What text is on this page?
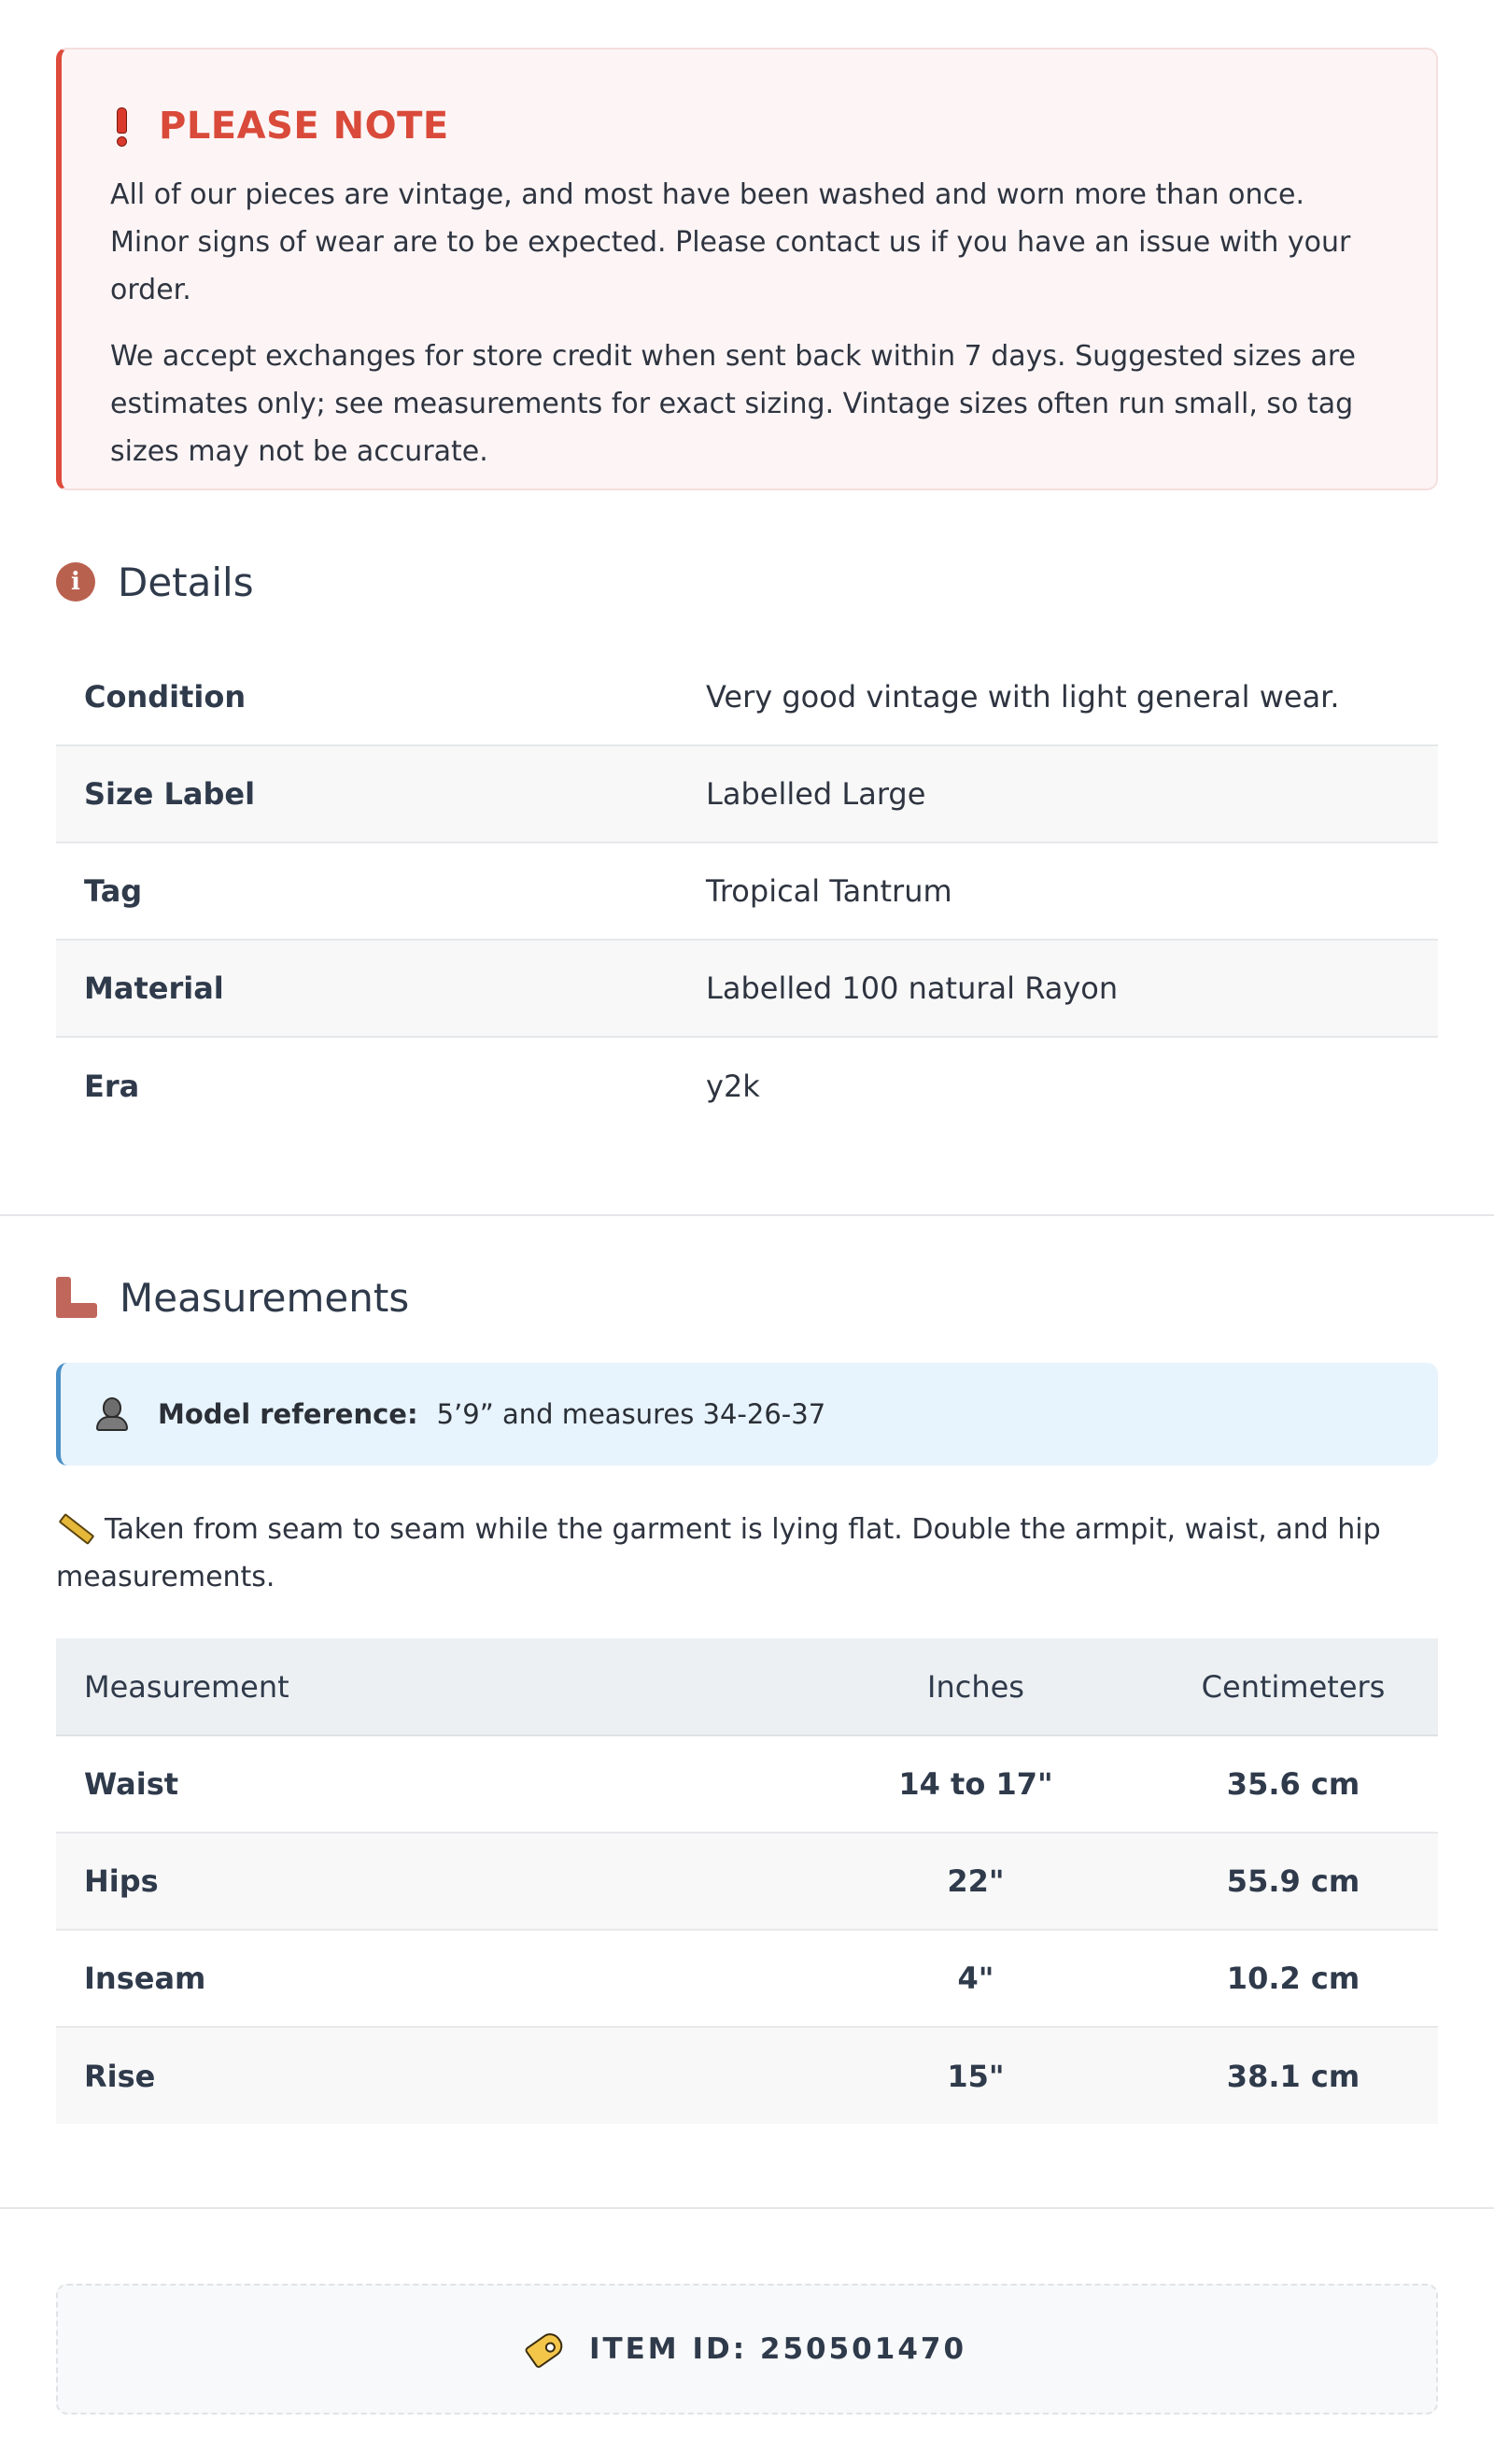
PLEASE NOTE

All of our pieces are vintage, and most have been washed and worn more than once. Minor signs of wear are to be expected. Please contact us if you have an issue with your order.

We accept exchanges for store credit when sent back within 7 days. Suggested sizes are estimates only; see measurements for exact sizing. Vintage sizes often run small, so tag sizes may not be accurate.

i Details
Condition	Very good vintage with light general wear.
Size Label	Labelled Large
Tag	Tropical Tantrum
Material	Labelled 100 natural Rayon
Era	y2k
Measurements
Model reference: 5’9” and measures 34-26-37
Taken from seam to seam while the garment is lying flat. Double the armpit, waist, and hip measurements.
Measurement	Inches	Centimeters
Waist	14 to 17"	35.6 cm
Hips	22"	55.9 cm
Inseam	4"	10.2 cm
Rise	15"	38.1 cm
ITEM ID: 250501470
